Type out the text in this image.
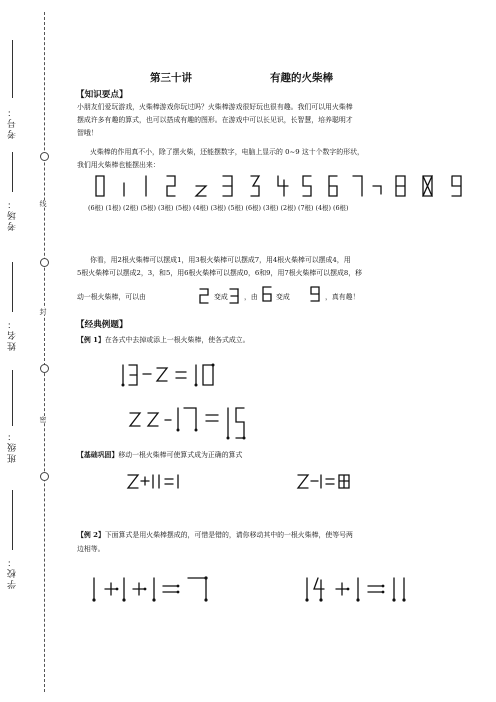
线
封
密
考号：
考场：
姓名：
班级：
学校：
第三十讲	有趣的火柴棒
【知识要点】
小朋友们爱玩游戏，火柴棒游戏你玩过吗？火柴棒游戏很好玩也很有趣。我们可以用火柴棒
摆成许多有趣的算式，也可以搭成有趣的图形。在游戏中可以长见识，长智慧，培养聪明才
智哦！
火柴棒的作用真不小，除了摆火柴，还能摆数字，电脑上显示的 0~9 这十个数字的形状，
我们用火柴棒也能摆出来：
(6根) (1根) (2根) (5根) (3根) (5根) (4根) (3根) (5根) (6根) (3根) (2根) (7根) (4根) (6根)
你看，用2根火柴棒可以摆成1，用3根火柴棒可以摆成7，用4根火柴棒可以摆成4，用
5根火柴棒可以摆成2，3，和5，用6根火柴棒可以摆成0，6和9，用7根火柴棒可以摆成8，移
动一根火柴棒，可以由	变成 ，由	变成	，真有趣！
【经典例题】
【例 1】在各式中去掉或添上一根火柴棒，使各式成立。
【基础巩固】移动一根火柴棒可使算式成为正确的算式
【例 2】下面算式是用火柴棒摆成的，可惜是错的，请你移动其中的一根火柴棒，使等号两
边相等。
